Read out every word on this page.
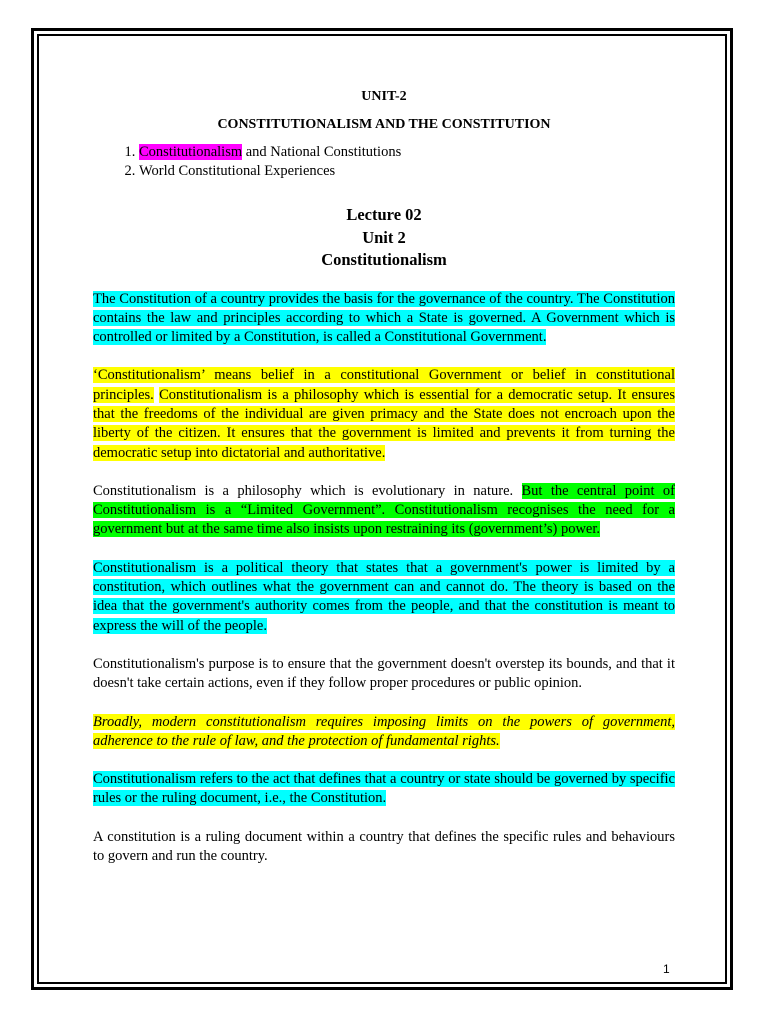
UNIT-2
CONSTITUTIONALISM AND THE CONSTITUTION
1. Constitutionalism and National Constitutions
2. World Constitutional Experiences

Lecture 02

Unit 2

Constitutionalism

The Constitution of a country provides the basis for the governance of the country. The Constitution contains the law and principles according to which a State is governed. A Government which is controlled or limited by a Constitution, is called a Constitutional Government.

‘Constitutionalism’ means belief in a constitutional Government or belief in constitutional principles. Constitutionalism is a philosophy which is essential for a democratic setup. It ensures that the freedoms of the individual are given primacy and the State does not encroach upon the liberty of the citizen. It ensures that the government is limited and prevents it from turning the democratic setup into dictatorial and authoritative.

Constitutionalism is a philosophy which is evolutionary in nature. But the central point of Constitutionalism is a “Limited Government”. Constitutionalism recognises the need for a government but at the same time also insists upon restraining its (government’s) power.

Constitutionalism is a political theory that states that a government's power is limited by a constitution, which outlines what the government can and cannot do. The theory is based on the idea that the government's authority comes from the people, and that the constitution is meant to express the will of the people.

Constitutionalism's purpose is to ensure that the government doesn't overstep its bounds, and that it doesn't take certain actions, even if they follow proper procedures or public opinion.

Broadly, modern constitutionalism requires imposing limits on the powers of government, adherence to the rule of law, and the protection of fundamental rights.

Constitutionalism refers to the act that defines that a country or state should be governed by specific rules or the ruling document, i.e., the Constitution.

A constitution is a ruling document within a country that defines the specific rules and behaviours to govern and run the country.

1
